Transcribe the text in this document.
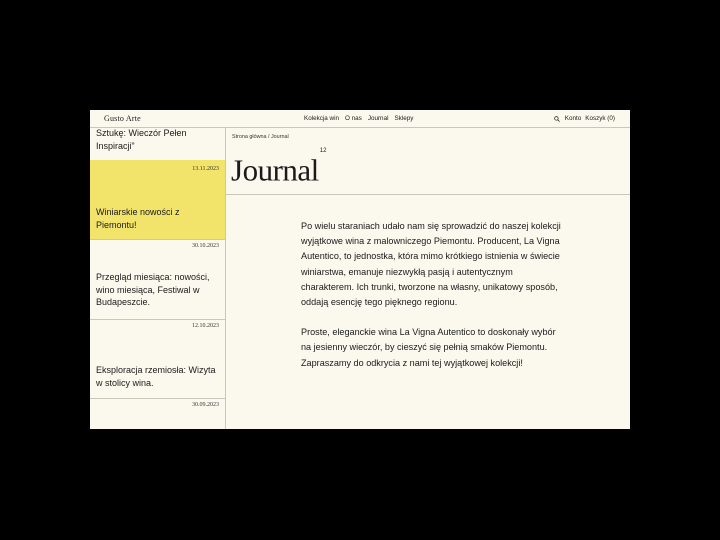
Gusto Arte	Kolekcja win O nas Journal Sklepy	Konto Koszyk (0)
Sztukę: Wieczór Pełen Inspiracji”
13.11.2023
Winiarskie nowości z Piemontu!
30.10.2023
Przegląd miesiąca: nowości, wino miesiąca, Festiwal w Budapeszcie.
12.10.2023
Eksploracja rzemiosła: Wizyta w stolicy wina.
30.09.2023
Strona główna / Journal
Journal$^{12}$

Po wielu staraniach udało nam się sprowadzić do naszej kolekcji wyjątkowe wina z malowniczego Piemontu. Producent, La Vigna Autentico, to jednostka, która mimo krótkiego istnienia w świecie winiarstwa, emanuje niezwykłą pasją i autentycznym charakterem. Ich trunki, tworzone na własny, unikatowy sposób, oddają esencję tego pięknego regionu.

Proste, eleganckie wina La Vigna Autentico to doskonały wybór na jesienny wieczór, by cieszyć się pełnią smaków Piemontu. Zapraszamy do odkrycia z nami tej wyjątkowej kolekcji!
